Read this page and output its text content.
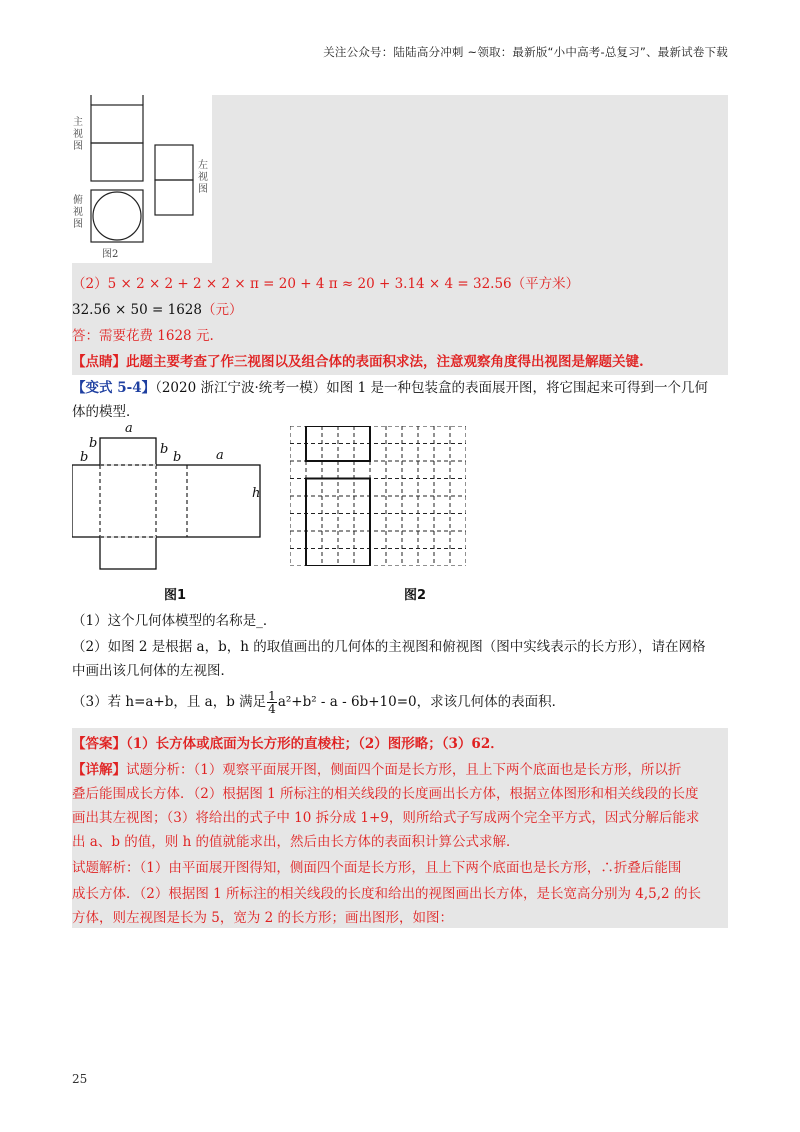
关注公众号：陆陆高分冲刺 ~领取：最新版“小中高考-总复习”、最新试卷下载
主视图
左视图
俯视图
图2
（2）5 × 2 × 2 + 2 × 2 × π = 20 + 4 π ≈ 20 + 3.14 × 4 = 32.56（平方米）
32.56 × 50 = 1628（元）
答：需要花费 1628 元.
【点睛】此题主要考查了作三视图以及组合体的表面积求法，注意观察角度得出视图是解题关键.
【变式 5-4】（2020 浙江宁波·统考一模）如图 1 是一种包装盒的表面展开图，将它围起来可得到一个几何
体的模型．
a
b
b
b
b	a
h
图1	图2
（1）这个几何体模型的名称是_．
（2）如图 2 是根据 a，b，h 的取值画出的几何体的主视图和俯视图（图中实线表示的长方形），请在网格
中画出该几何体的左视图．
（3）若 h=a+b，且 a，b 满足 $\frac{1}{4} a^2+b^2 - a - 6b+10=0$，求该几何体的表面积．
【答案】（1）长方体或底面为长方形的直棱柱；（2）图形略；（3）62．
【详解】试题分析：（1）观察平面展开图，侧面四个面是长方形，且上下两个底面也是长方形，所以折
叠后能围成长方体．（2）根据图 1 所标注的相关线段的长度画出长方体，根据立体图形和相关线段的长度
画出其左视图；（3）将给出的式子中 10 拆分成 1+9，则所给式子写成两个完全平方式，因式分解后能求
出 a、b 的值，则 h 的值就能求出，然后由长方体的表面积计算公式求解．
试题解析：（1）由平面展开图得知，侧面四个面是长方形，且上下两个底面也是长方形，∴折叠后能围
成长方体．（2）根据图 1 所标注的相关线段的长度和给出的视图画出长方体，是长宽高分别为 4,5,2 的长
方体，则左视图是长为 5，宽为 2 的长方形；画出图形，如图：
25
